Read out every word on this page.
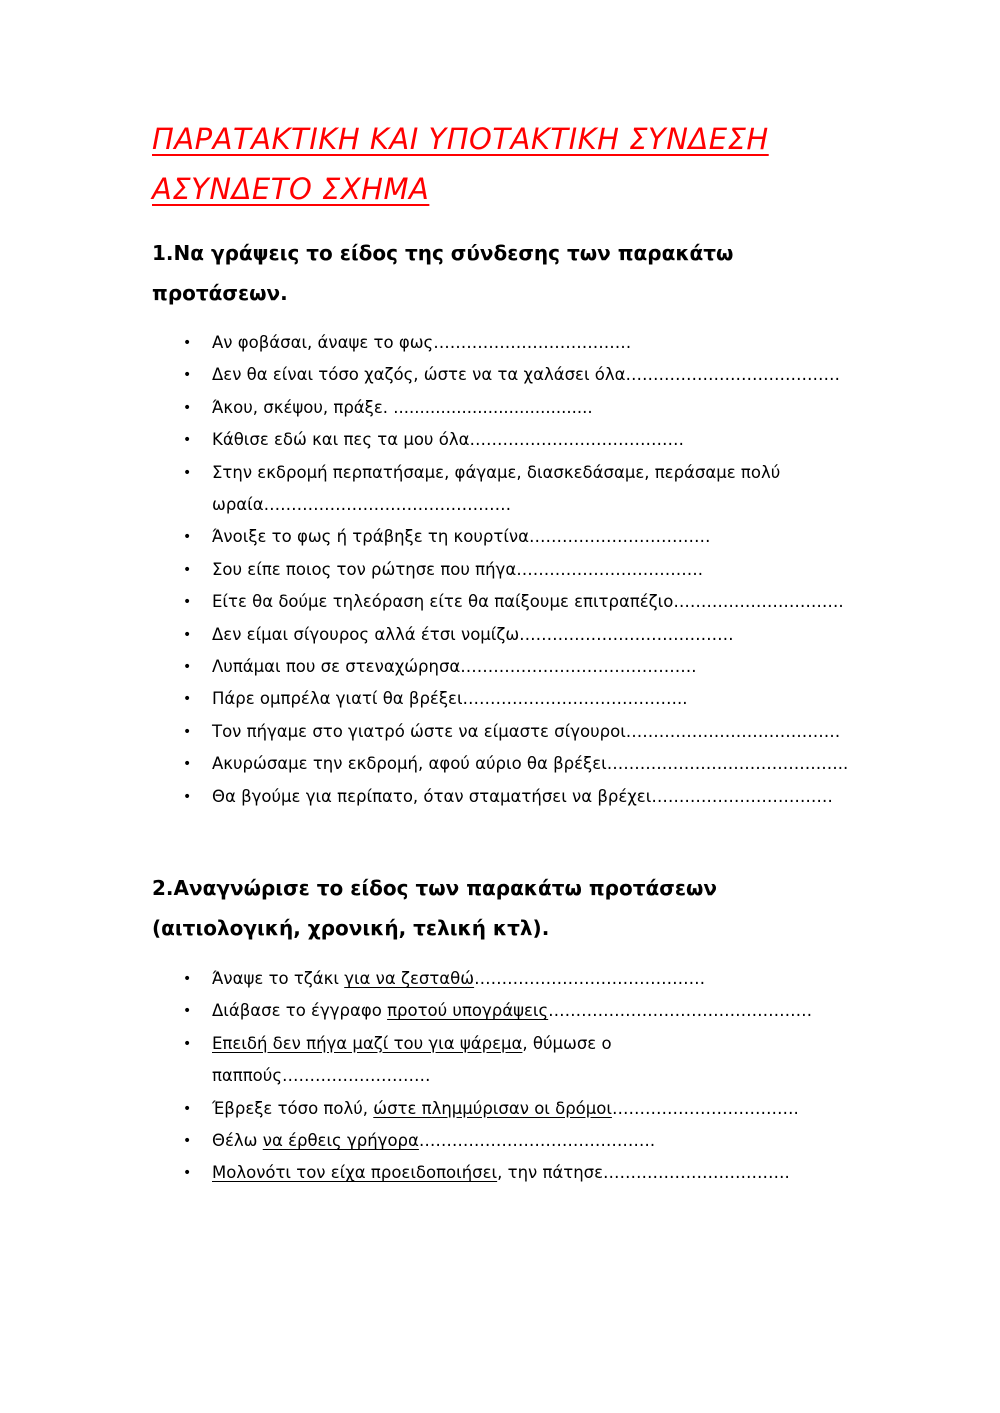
ΠΑΡΑΤΑΚΤΙΚΗ ΚΑΙ ΥΠΟΤΑΚΤΙΚΗ ΣΥΝΔΕΣΗ
ΑΣΥΝΔΕΤΟ ΣΧΗΜΑ

1.Να γράψεις το είδος της σύνδεσης των παρακάτω προτάσεων.

• Αν φοβάσαι, άναψε το φως………………………………
• Δεν θα είναι τόσο χαζός, ώστε να τα χαλάσει όλα…………………………………
• Άκου, σκέψου, πράξε. ......................................
• Κάθισε εδώ και πες τα μου όλα…………………………………
• Στην εκδρομή περπατήσαμε, φάγαμε, διασκεδάσαμε, περάσαμε πολύ ωραία………………………………………
• Άνοιξε το φως ή τράβηξε τη κουρτίνα……………………………
• Σου είπε ποιος τον ρώτησε που πήγα…………………………….
• Είτε θα δούμε τηλεόραση είτε θα παίξουμε επιτραπέζιο………………………….
• Δεν είμαι σίγουρος αλλά έτσι νομίζω…………………………………
• Λυπάμαι που σε στεναχώρησα…………………………………….
• Πάρε ομπρέλα γιατί θα βρέξει…………………………………..
• Τον πήγαμε στο γιατρό ώστε να είμαστε σίγουροι…………………………………
• Ακυρώσαμε την εκδρομή, αφού αύριο θα βρέξει……………………………………..
• Θα βγούμε για περίπατο, όταν σταματήσει να βρέχει……………………………

2.Αναγνώρισε το είδος των παρακάτω προτάσεων (αιτιολογική, χρονική, τελική κτλ).

• Άναψε το τζάκι για να ζεσταθώ……………………………………
• Διάβασε το έγγραφο προτού υπογράψεις…………………………………………
• Επειδή δεν πήγα μαζί του για ψάρεμα, θύμωσε ο παππούς………………………
• Έβρεξε τόσο πολύ, ώστε πλημμύρισαν οι δρόμοι…………………………….
• Θέλω να έρθεις γρήγορα…………………………………….
• Μολονότι τον είχα προειδοποιήσει, την πάτησε…………………………….
